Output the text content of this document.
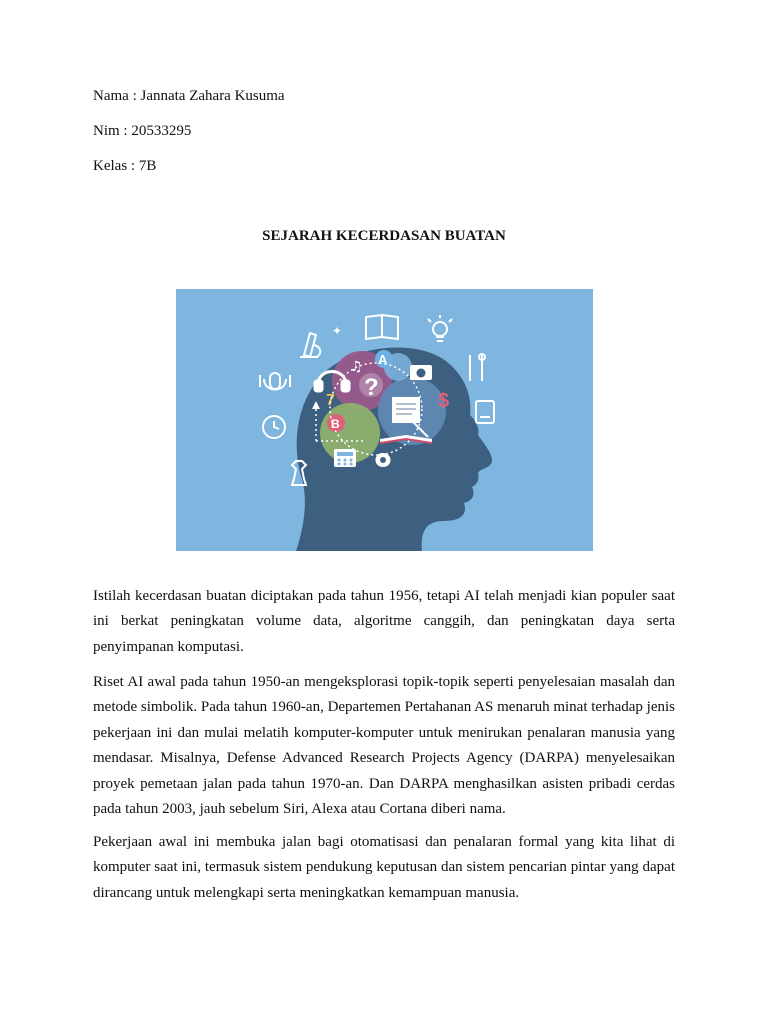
Nama : Jannata Zahara Kusuma
Nim : 20533295
Kelas : 7B
SEJARAH KECERDASAN BUATAN
?
A
B
7
♫
$
✦

Istilah kecerdasan buatan diciptakan pada tahun 1956, tetapi AI telah menjadi kian populer saat ini berkat peningkatan volume data, algoritme canggih, dan peningkatan daya serta penyimpanan komputasi.

Riset AI awal pada tahun 1950-an mengeksplorasi topik-topik seperti penyelesaian masalah dan metode simbolik. Pada tahun 1960-an, Departemen Pertahanan AS menaruh minat terhadap jenis pekerjaan ini dan mulai melatih komputer-komputer untuk menirukan penalaran manusia yang mendasar. Misalnya, Defense Advanced Research Projects Agency (DARPA) menyelesaikan proyek pemetaan jalan pada tahun 1970-an. Dan DARPA menghasilkan asisten pribadi cerdas pada tahun 2003, jauh sebelum Siri, Alexa atau Cortana diberi nama.

Pekerjaan awal ini membuka jalan bagi otomatisasi dan penalaran formal yang kita lihat di komputer saat ini, termasuk sistem pendukung keputusan dan sistem pencarian pintar yang dapat dirancang untuk melengkapi serta meningkatkan kemampuan manusia.
